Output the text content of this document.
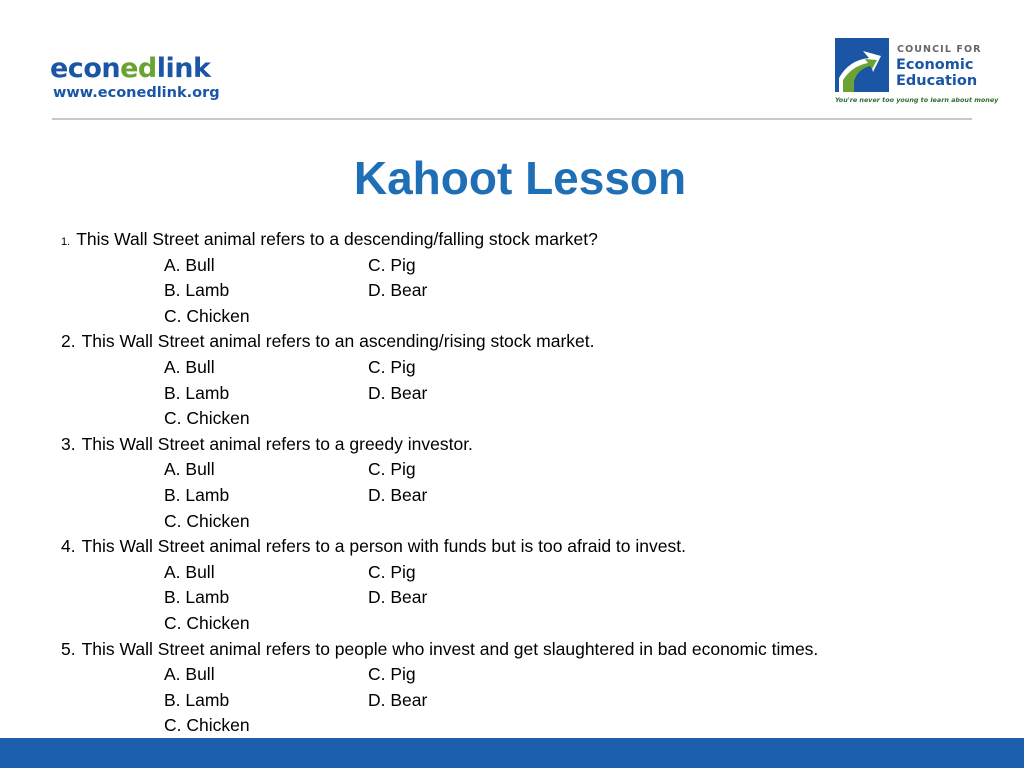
econedlink
www.econedlink.org
COUNCIL FOR
Economic
Education
You're never too young to learn about money
Kahoot Lesson
1. This Wall Street animal refers to a descending/falling stock market?
A. Bull	C. Pig
B. Lamb	D. Bear
C. Chicken
2. This Wall Street animal refers to an ascending/rising stock market.
A. Bull	C. Pig
B. Lamb	D. Bear
C. Chicken
3. This Wall Street animal refers to a greedy investor.
A. Bull	C. Pig
B. Lamb	D. Bear
C. Chicken
4. This Wall Street animal refers to a person with funds but is too afraid to invest.
A. Bull	C. Pig
B. Lamb	D. Bear
C. Chicken
5. This Wall Street animal refers to people who invest and get slaughtered in bad economic times.
A. Bull	C. Pig
B. Lamb	D. Bear
C. Chicken
